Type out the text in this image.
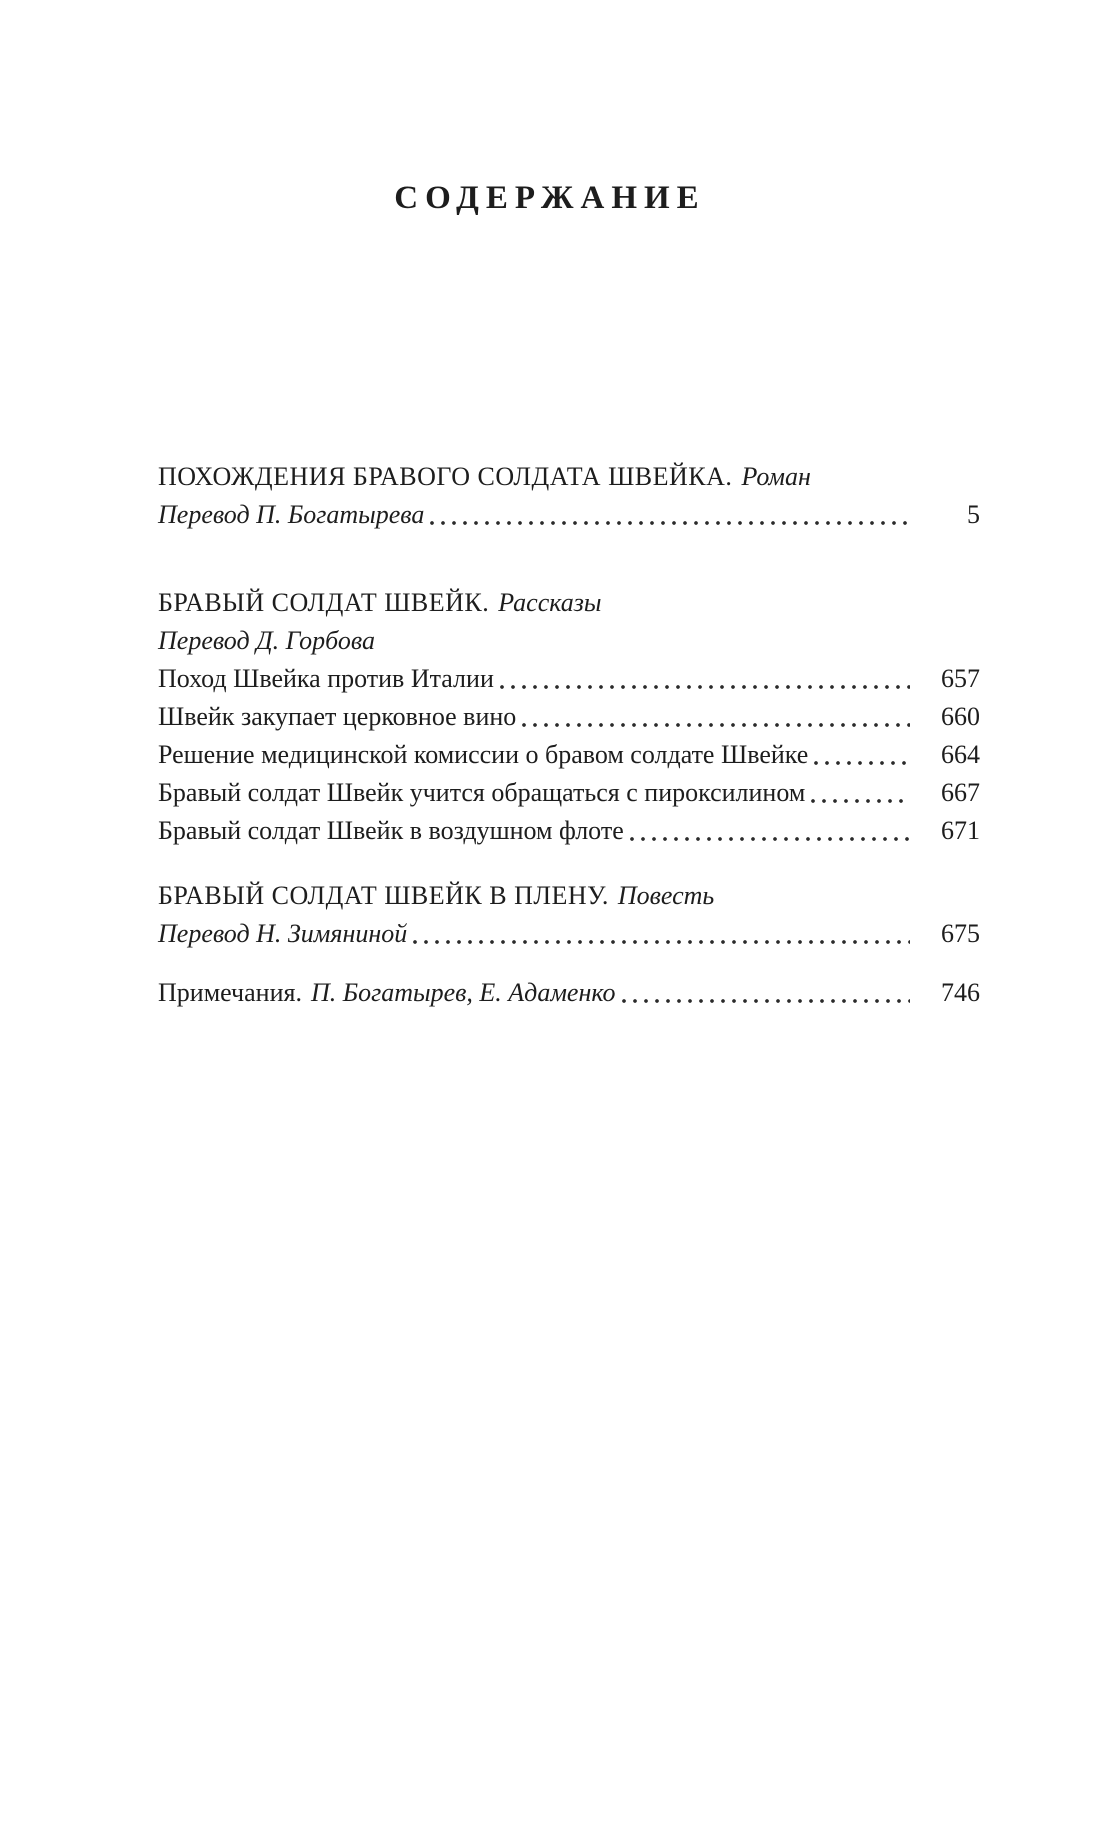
СОДЕРЖАНИЕ
ПОХОЖДЕНИЯ БРАВОГО СОЛДАТА ШВЕЙКА. Роман
Перевод П. Богатырева	5
БРАВЫЙ СОЛДАТ ШВЕЙК. Рассказы
Перевод Д. Горбова
Поход Швейка против Италии	657
Швейк закупает церковное вино	660
Решение медицинской комиссии о бравом солдате Швейке	664
Бравый солдат Швейк учится обращаться с пироксилином	667
Бравый солдат Швейк в воздушном флоте	671
БРАВЫЙ СОЛДАТ ШВЕЙК В ПЛЕНУ. Повесть
Перевод Н. Зимяниной	675
Примечания. П. Богатырев, Е. Адаменко	746
